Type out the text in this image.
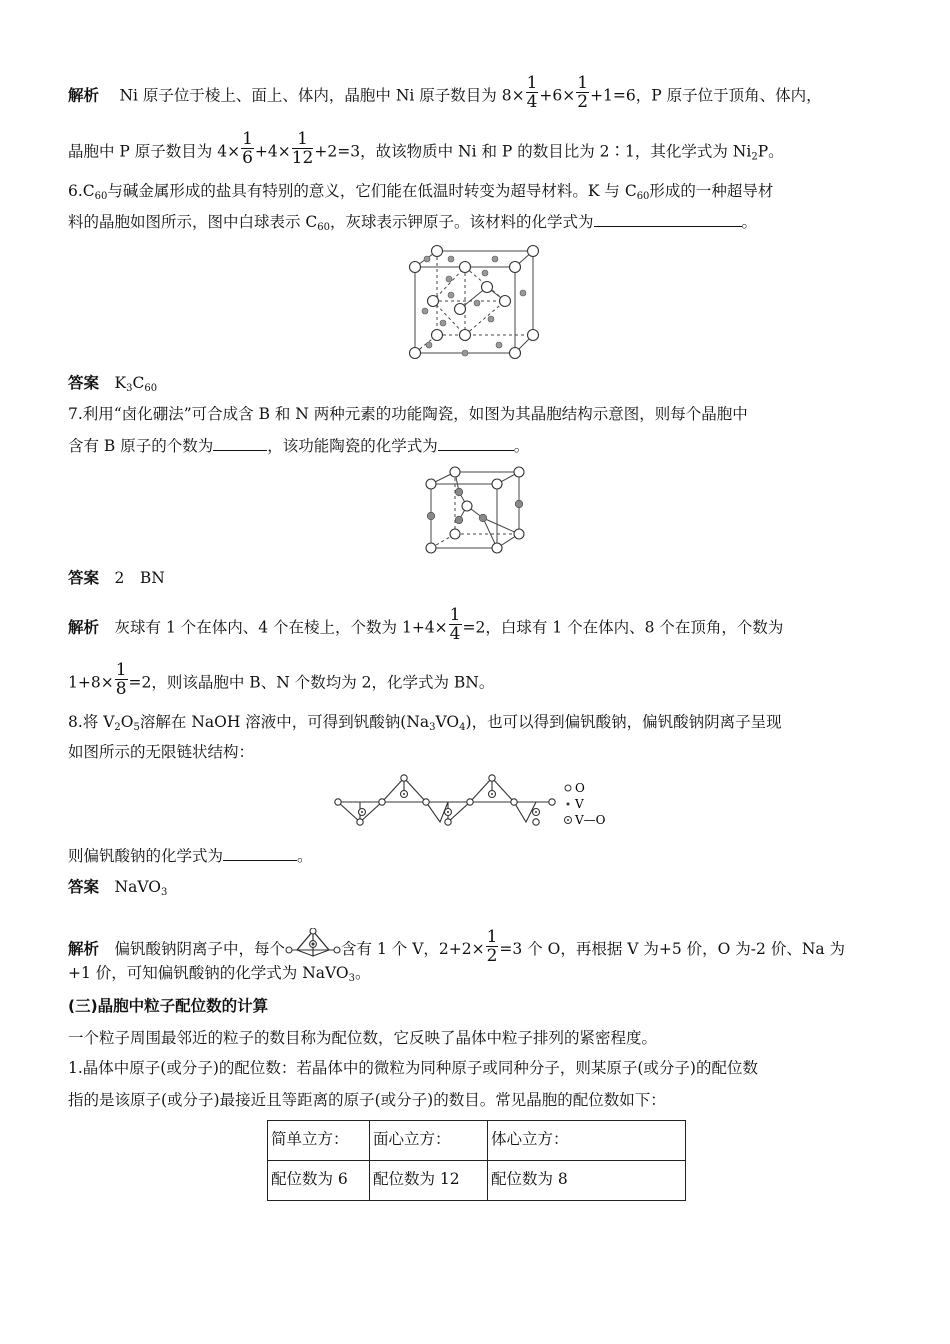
解析　 Ni 原子位于棱上、面上、体内，晶胞中 Ni 原子数目为 $8\times \frac{1}{4} +6\times \frac{1}{2} +1=6$，P 原子位于顶角、体内，
晶胞中 P 原子数目为 $4\times \frac{1}{6} +4\times \frac{1}{12} +2=3$，故该物质中 Ni 和 P 的数目比为 2∶1，其化学式为 $Ni_2P$。
$6.C_{60}$与碱金属形成的盐具有特别的意义，它们能在低温时转变为超导材料。K 与 $C_{60}$形成的一种超导材
料的晶胞如图所示，图中白球表示 $C_{60}$，灰球表示钾原子。该材料的化学式为	。
答案　 $K_3C_{60}$
7.利用“卤化硼法”可合成含 B 和 N 两种元素的功能陶瓷，如图为其晶胞结构示意图，则每个晶胞中
含有 B 原子的个数为	，该功能陶瓷的化学式为	。
答案　 2　BN
解析　 灰球有 1 个在体内、4 个在棱上，个数为 $1+4\times \frac{1}{4} =2$，白球有 1 个在体内、8 个在顶角，个数为
$1+8\times \frac{1}{8} =2$，则该晶胞中 B、N 个数均为 2，化学式为 BN。
8.将 $V_2O_5$溶解在 NaOH 溶液中，可得到钒酸钠$(Na_3VO_4)$，也可以得到偏钒酸钠，偏钒酸钠阴离子呈现
如图所示的无限链状结构：
则偏钒酸钠的化学式为	。
答案　 NaVO$_3$
解析　 偏钒酸钠阴离子中，每个	含有 1 个 V，$2+2\times \frac{1}{2} =3$ 个 O，再根据 V 为+5 价，O 为-2 价、Na 为
+1 价，可知偏钒酸钠的化学式为 NaVO$_3$。
(三)晶胞中粒子配位数的计算
一个粒子周围最邻近的粒子的数目称为配位数，它反映了晶体中粒子排列的紧密程度。
1.晶体中原子(或分子)的配位数：若晶体中的微粒为同种原子或同种分子，则某原子(或分子)的配位数
指的是该原子(或分子)最接近且等距离的原子(或分子)的数目。常见晶胞的配位数如下：
O
V
V—O
简单立方：	面心立方：	体心立方：
配位数为 6	配位数为 12	配位数为 8
